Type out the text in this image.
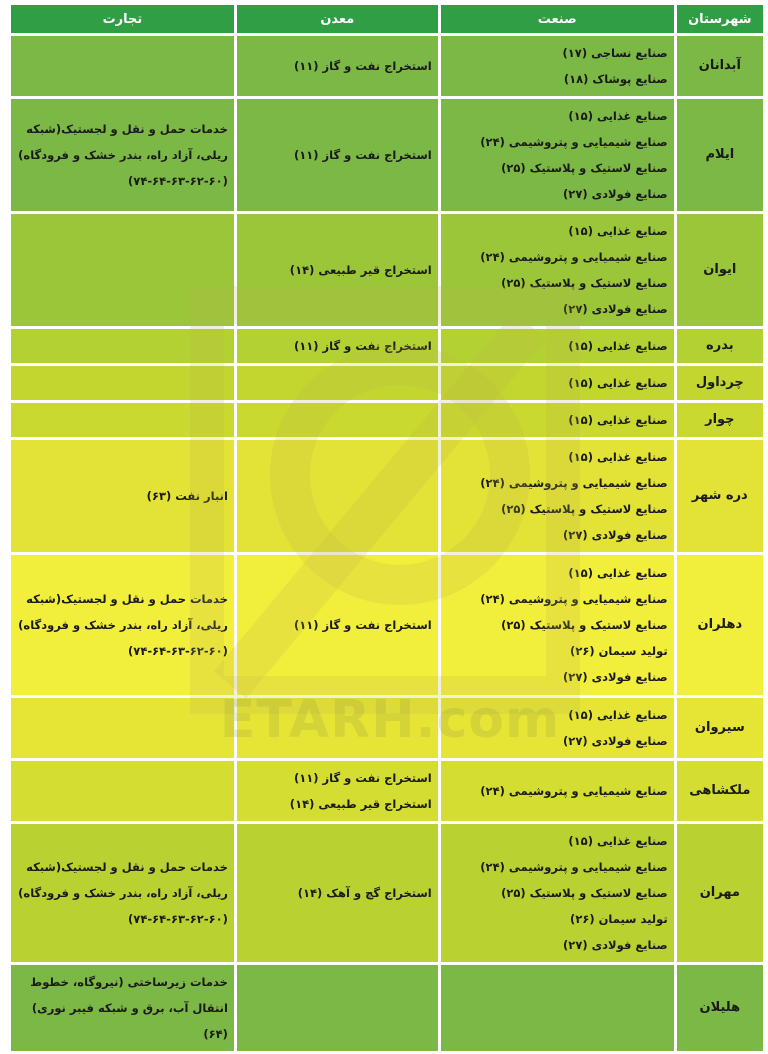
شهرستان	صنعت	معدن	تجارت
آبدانان	صنایع نساجی (۱۷)
صنایع پوشاک (۱۸)	استخراج نفت و گاز (۱۱)	

ایلام	صنایع غذایی (۱۵)
صنایع شیمیایی و پتروشیمی (۲۴)
صنایع لاستیک و پلاستیک (۲۵)
صنایع فولادی (۲۷)	استخراج نفت و گاز (۱۱)	خدمات حمل و نقل و لجستیک(شبکه ریلی، آزاد راه، بندر خشک و فرودگاه) (۶۰-۶۲-۶۳-۶۴-۷۴)

ایوان	صنایع غذایی (۱۵)
صنایع شیمیایی و پتروشیمی (۲۴)
صنایع لاستیک و پلاستیک (۲۵)
صنایع فولادی (۲۷)	استخراج قیر طبیعی (۱۴)	

بدره	صنایع غذایی (۱۵)	استخراج نفت و گاز (۱۱)	

چرداول	صنایع غذایی (۱۵)		

چوار	صنایع غذایی (۱۵)		

دره شهر	صنایع غذایی (۱۵)
صنایع شیمیایی و پتروشیمی (۲۴)
صنایع لاستیک و پلاستیک (۲۵)
صنایع فولادی (۲۷)		انبار نفت (۶۳)

دهلران	صنایع غذایی (۱۵)
صنایع شیمیایی و پتروشیمی (۲۴)
صنایع لاستیک و پلاستیک (۲۵)
تولید سیمان (۲۶)
صنایع فولادی (۲۷)	استخراج نفت و گاز (۱۱)	خدمات حمل و نقل و لجستیک(شبکه ریلی، آزاد راه، بندر خشک و فرودگاه) (۶۰-۶۲-۶۳-۶۴-۷۴)

سیروان	صنایع غذایی (۱۵)
صنایع فولادی (۲۷)		

ملکشاهی	صنایع شیمیایی و پتروشیمی (۲۴)	استخراج نفت و گاز (۱۱)
استخراج قیر طبیعی (۱۴)	

مهران	صنایع غذایی (۱۵)
صنایع شیمیایی و پتروشیمی (۲۴)
صنایع لاستیک و پلاستیک (۲۵)
تولید سیمان (۲۶)
صنایع فولادی (۲۷)	استخراج گچ و آهک (۱۴)	خدمات حمل و نقل و لجستیک(شبکه ریلی، آزاد راه، بندر خشک و فرودگاه) (۶۰-۶۲-۶۳-۶۴-۷۴)

هلیلان			خدمات زیرساختی (نیروگاه، خطوط انتقال آب، برق و شبکه فیبر نوری) (۶۴)
ETARH.com
